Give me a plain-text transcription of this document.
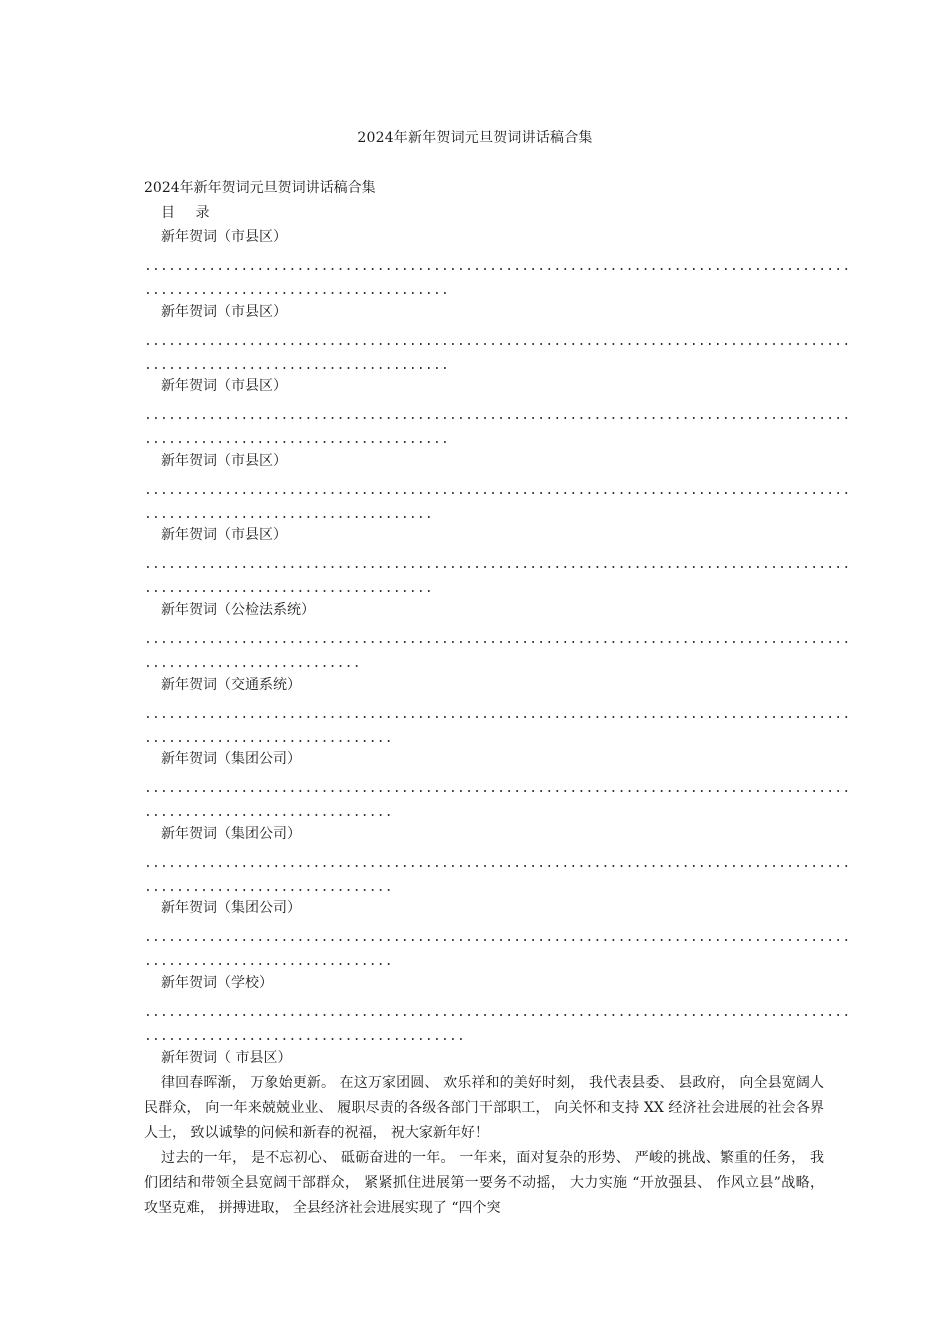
2024年新年贺词元旦贺词讲话稿合集
2024年新年贺词元旦贺词讲话稿合集
目 录
新年贺词（市县区）
........................................................................................
......................................
新年贺词（市县区）
........................................................................................
......................................
新年贺词（市县区）
........................................................................................
......................................
新年贺词（市县区）
........................................................................................
....................................
新年贺词（市县区）
........................................................................................
....................................
新年贺词（公检法系统）
........................................................................................
...........................
新年贺词（交通系统）
........................................................................................
...............................
新年贺词（集团公司）
........................................................................................
...............................
新年贺词（集团公司）
........................................................................................
...............................
新年贺词（集团公司）
........................................................................................
...............................
新年贺词（学校）
........................................................................................
........................................
新年贺词（ 市县区）
律回春晖渐， 万象始更新。 在这万家团圆、 欢乐祥和的美好时刻， 我代表县委、 县政府， 向全县宽阔人民群众， 向一年来兢兢业业、 履职尽责的各级各部门干部职工， 向关怀和支持 XX 经济社会进展的社会各界人士， 致以诚挚的问候和新春的祝福， 祝大家新年好！
过去的一年， 是不忘初心、 砥砺奋进的一年。 一年来，面对复杂的形势、 严峻的挑战、繁重的任务， 我们团结和带领全县宽阔干部群众， 紧紧抓住进展第一要务不动摇， 大力实施 “开放强县、 作风立县”战略， 攻坚克难， 拼搏进取， 全县经济社会进展实现了 “四个突
